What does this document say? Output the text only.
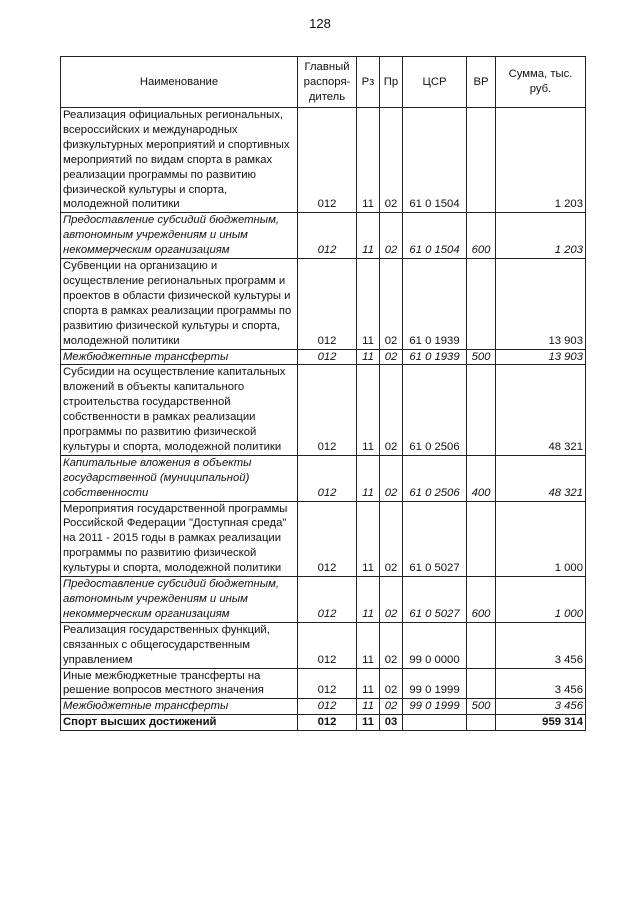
128
Наименование	Главный распоря-дитель	Рз	Пр	ЦСР	ВР	Сумма, тыс. руб.
Реализация официальных региональных, всероссийских и международных физкультурных мероприятий и спортивных мероприятий по видам спорта в рамках реализации программы по развитию физической культуры и спорта, молодежной политики	012	11	02	61 0 1504		1 203
Предоставление субсидий бюджетным, автономным учреждениям и иным некоммерческим организациям	012	11	02	61 0 1504	600	1 203
Субвенции на организацию и осуществление региональных программ и проектов в области физической культуры и спорта в рамках реализации программы по развитию физической культуры и спорта, молодежной политики	012	11	02	61 0 1939		13 903
Межбюджетные трансферты	012	11	02	61 0 1939	500	13 903
Субсидии на осуществление капитальных вложений в объекты капитального строительства государственной собственности в рамках реализации программы по развитию физической культуры и спорта, молодежной политики	012	11	02	61 0 2506		48 321
Капитальные вложения в объекты государственной (муниципальной) собственности	012	11	02	61 0 2506	400	48 321
Мероприятия государственной программы Российской Федерации "Доступная среда" на 2011 - 2015 годы в рамках реализации программы по развитию физической культуры и спорта, молодежной политики	012	11	02	61 0 5027		1 000
Предоставление субсидий бюджетным, автономным учреждениям и иным некоммерческим организациям	012	11	02	61 0 5027	600	1 000
Реализация государственных функций, связанных с общегосударственным управлением	012	11	02	99 0 0000		3 456
Иные межбюджетные трансферты на решение вопросов местного значения	012	11	02	99 0 1999		3 456
Межбюджетные трансферты	012	11	02	99 0 1999	500	3 456
Спорт высших достижений	012	11	03			959 314
